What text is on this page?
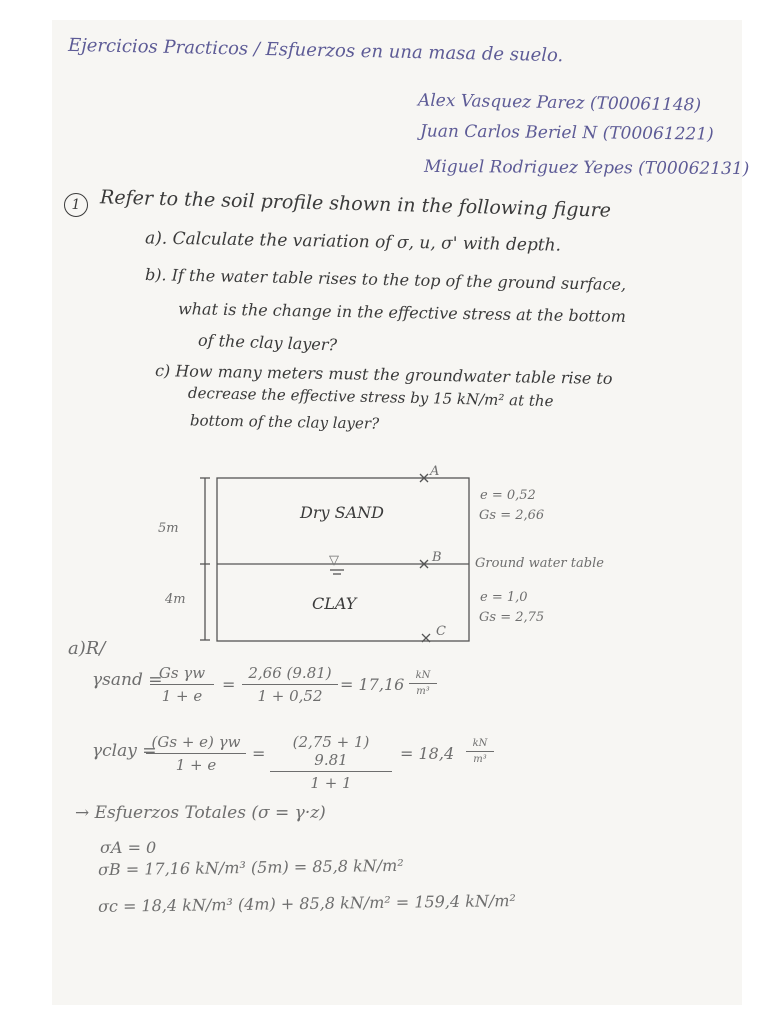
Ejercicios Practicos / Esfuerzos en una masa de suelo.
Alex Vasquez Parez (T00061148)
Juan Carlos Beriel N (T00061221)
Miguel Rodriguez Yepes (T00062131)
1	Refer to the soil profile shown in the following figure
a). Calculate the variation of σ, u, σ' with depth.
b). If the water table rises to the top of the ground surface,
what is the change in the effective stress at the bottom
of the clay layer?
c) How many meters must the groundwater table rise to
decrease the effective stress by 15 kN/m² at the
bottom of the clay layer?
A
B
C
Dry SAND
CLAY
5m
4m
▽	Ground water table
e = 0,52
Gs = 2,66
e = 1,0
Gs = 2,75
a)R/
γsand =
Gs γw
1 + e
=
2,66 (9.81)
1 + 0,52
= 17,16	kN
m³
γclay =
(Gs + e) γw
1 + e
=
(2,75 + 1) 9.81
1 + 1
= 18,4
kN
m³
→ Esfuerzos Totales (σ = γ·z)
σA = 0
σB = 17,16 kN/m³ (5m) = 85,8 kN/m²
σc = 18,4 kN/m³ (4m) + 85,8 kN/m² = 159,4 kN/m²
